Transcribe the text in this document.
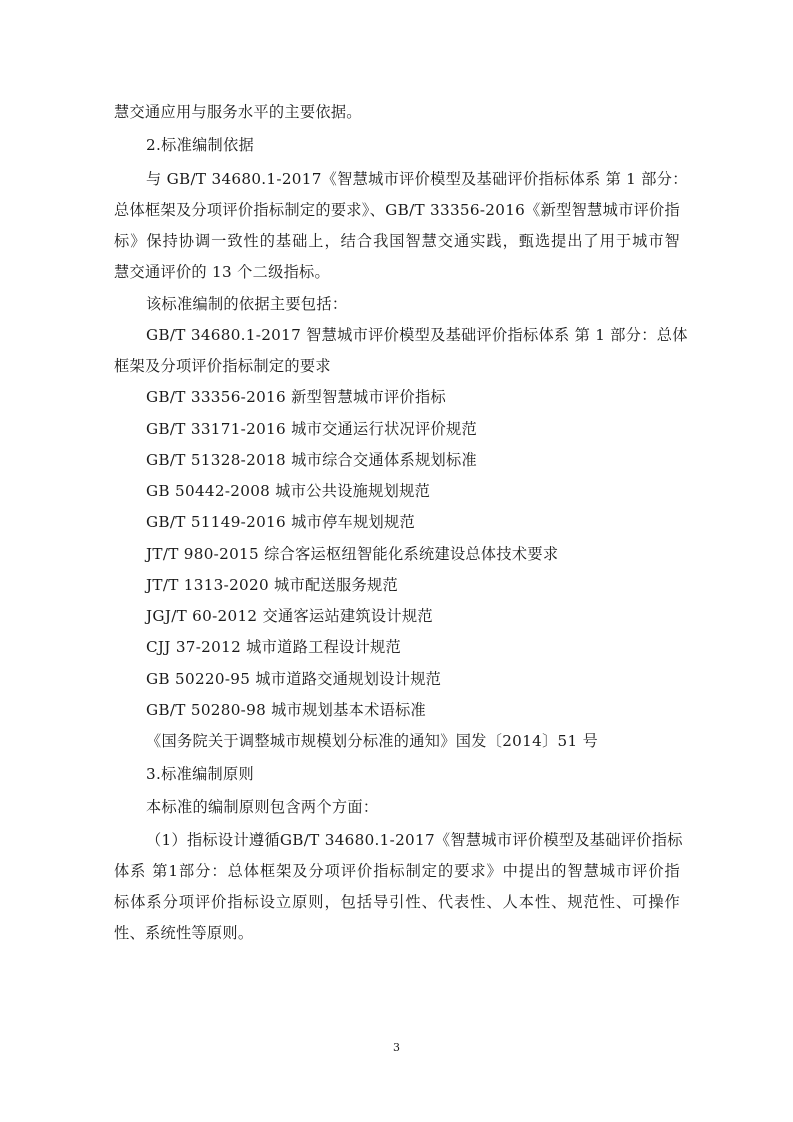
慧交通应用与服务水平的主要依据。
2.标准编制依据
与 GB/T 34680.1-2017《智慧城市评价模型及基础评价指标体系 第 1 部分：
总体框架及分项评价指标制定的要求》、GB/T 33356-2016《新型智慧城市评价指
标》保持协调一致性的基础上，结合我国智慧交通实践，甄选提出了用于城市智
慧交通评价的 13 个二级指标。
该标准编制的依据主要包括：
GB/T 34680.1-2017 智慧城市评价模型及基础评价指标体系 第 1 部分：总体
框架及分项评价指标制定的要求
GB/T 33356-2016 新型智慧城市评价指标
GB/T 33171-2016 城市交通运行状况评价规范
GB/T 51328-2018 城市综合交通体系规划标准
GB 50442-2008 城市公共设施规划规范
GB/T 51149-2016 城市停车规划规范
JT/T 980-2015 综合客运枢纽智能化系统建设总体技术要求
JT/T 1313-2020 城市配送服务规范
JGJ/T 60-2012 交通客运站建筑设计规范
CJJ 37-2012 城市道路工程设计规范
GB 50220-95 城市道路交通规划设计规范
GB/T 50280-98 城市规划基本术语标准
《国务院关于调整城市规模划分标准的通知》国发〔2014〕51 号
3.标准编制原则
本标准的编制原则包含两个方面：
（1）指标设计遵循GB/T 34680.1-2017《智慧城市评价模型及基础评价指标
体系 第1部分：总体框架及分项评价指标制定的要求》中提出的智慧城市评价指
标体系分项评价指标设立原则，包括导引性、代表性、人本性、规范性、可操作
性、系统性等原则。
3
